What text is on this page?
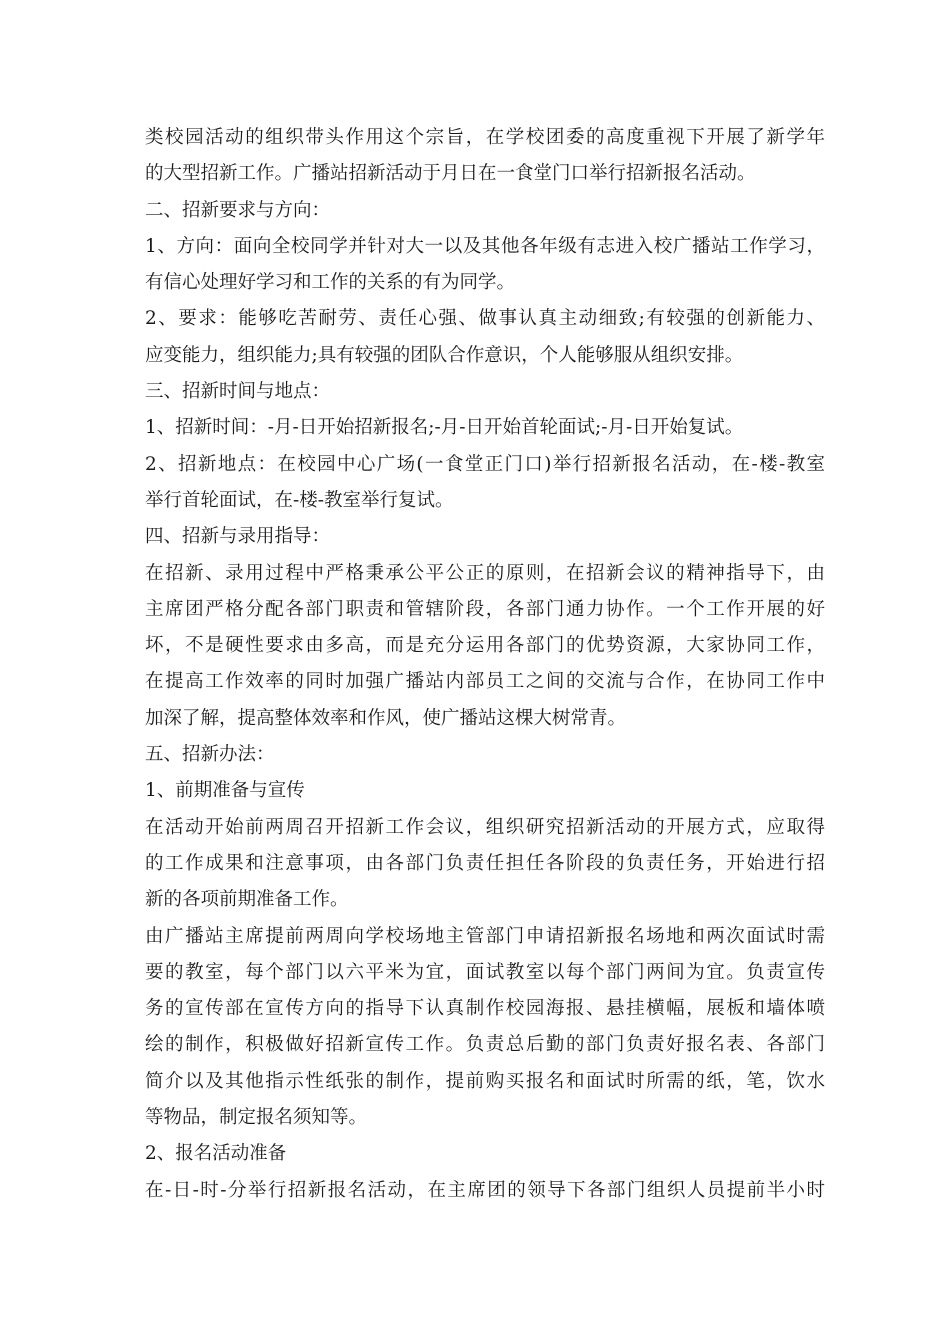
类校园活动的组织带头作用这个宗旨，在学校团委的高度重视下开展了新学年
的大型招新工作。广播站招新活动于月日在一食堂门口举行招新报名活动。
二、招新要求与方向：
1、方向：面向全校同学并针对大一以及其他各年级有志进入校广播站工作学习，
有信心处理好学习和工作的关系的有为同学。
2、要求：能够吃苦耐劳、责任心强、做事认真主动细致;有较强的创新能力、
应变能力，组织能力;具有较强的团队合作意识，个人能够服从组织安排。
三、招新时间与地点：
1、招新时间：-月-日开始招新报名;-月-日开始首轮面试;-月-日开始复试。
2、招新地点：在校园中心广场(一食堂正门口)举行招新报名活动，在-楼-教室
举行首轮面试，在-楼-教室举行复试。
四、招新与录用指导：
在招新、录用过程中严格秉承公平公正的原则，在招新会议的精神指导下，由
主席团严格分配各部门职责和管辖阶段，各部门通力协作。一个工作开展的好
坏，不是硬性要求由多高，而是充分运用各部门的优势资源，大家协同工作，
在提高工作效率的同时加强广播站内部员工之间的交流与合作，在协同工作中
加深了解，提高整体效率和作风，使广播站这棵大树常青。
五、招新办法：
1、前期准备与宣传
在活动开始前两周召开招新工作会议，组织研究招新活动的开展方式，应取得
的工作成果和注意事项，由各部门负责任担任各阶段的负责任务，开始进行招
新的各项前期准备工作。
由广播站主席提前两周向学校场地主管部门申请招新报名场地和两次面试时需
要的教室，每个部门以六平米为宜，面试教室以每个部门两间为宜。负责宣传
务的宣传部在宣传方向的指导下认真制作校园海报、悬挂横幅，展板和墙体喷
绘的制作，积极做好招新宣传工作。负责总后勤的部门负责好报名表、各部门
简介以及其他指示性纸张的制作，提前购买报名和面试时所需的纸，笔，饮水
等物品，制定报名须知等。
2、报名活动准备
在-日-时-分举行招新报名活动，在主席团的领导下各部门组织人员提前半小时
